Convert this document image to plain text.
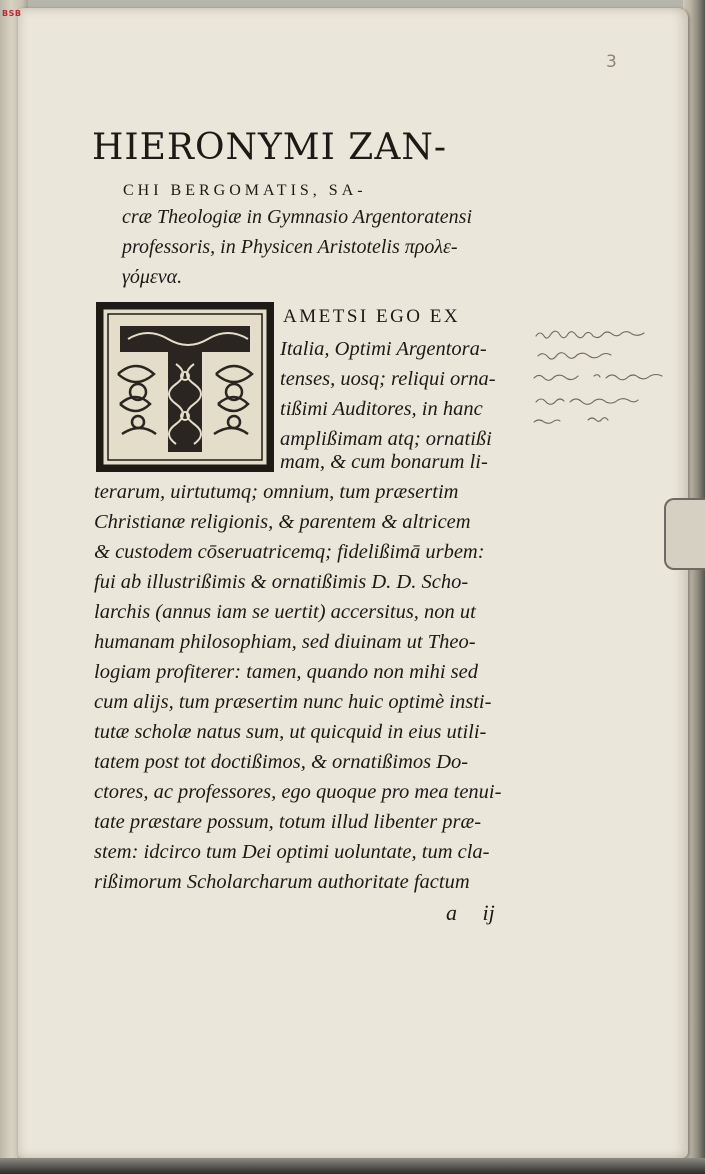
BSB
3
HIERONYMI ZAN-
CHI BERGOMATIS, SA-
cræ Theologiæ in Gymnasio Argentoratensi
professoris, in Physicen Aristotelis προλε-
γόμενα.
AMETSI EGO EX
Italia, Optimi Argentora-
tenses, uosq; reliqui orna-
tißimi Auditores, in hanc
amplißimam atq; ornatißi
mam, & cum bonarum li-
terarum, uirtutumq; omnium, tum præsertim
Christianæ religionis, & parentem & altricem
& custodem cōseruatricemq; fidelißimā urbem:
fui ab illustrißimis & ornatißimis D. D. Scho-
larchis (annus iam se uertit) accersitus, non ut
humanam philosophiam, sed diuinam ut Theo-
logiam profiterer: tamen, quando non mihi sed
cum alijs, tum præsertim nunc huic optimè insti-
tutæ scholæ natus sum, ut quicquid in eius utili-
tatem post tot doctißimos, & ornatißimos Do-
ctores, ac professores, ego quoque pro mea tenui-
tate præstare possum, totum illud libenter præ-
stem: idcirco tum Dei optimi uoluntate, tum cla-
rißimorum Scholarcharum authoritate factum
a ij
